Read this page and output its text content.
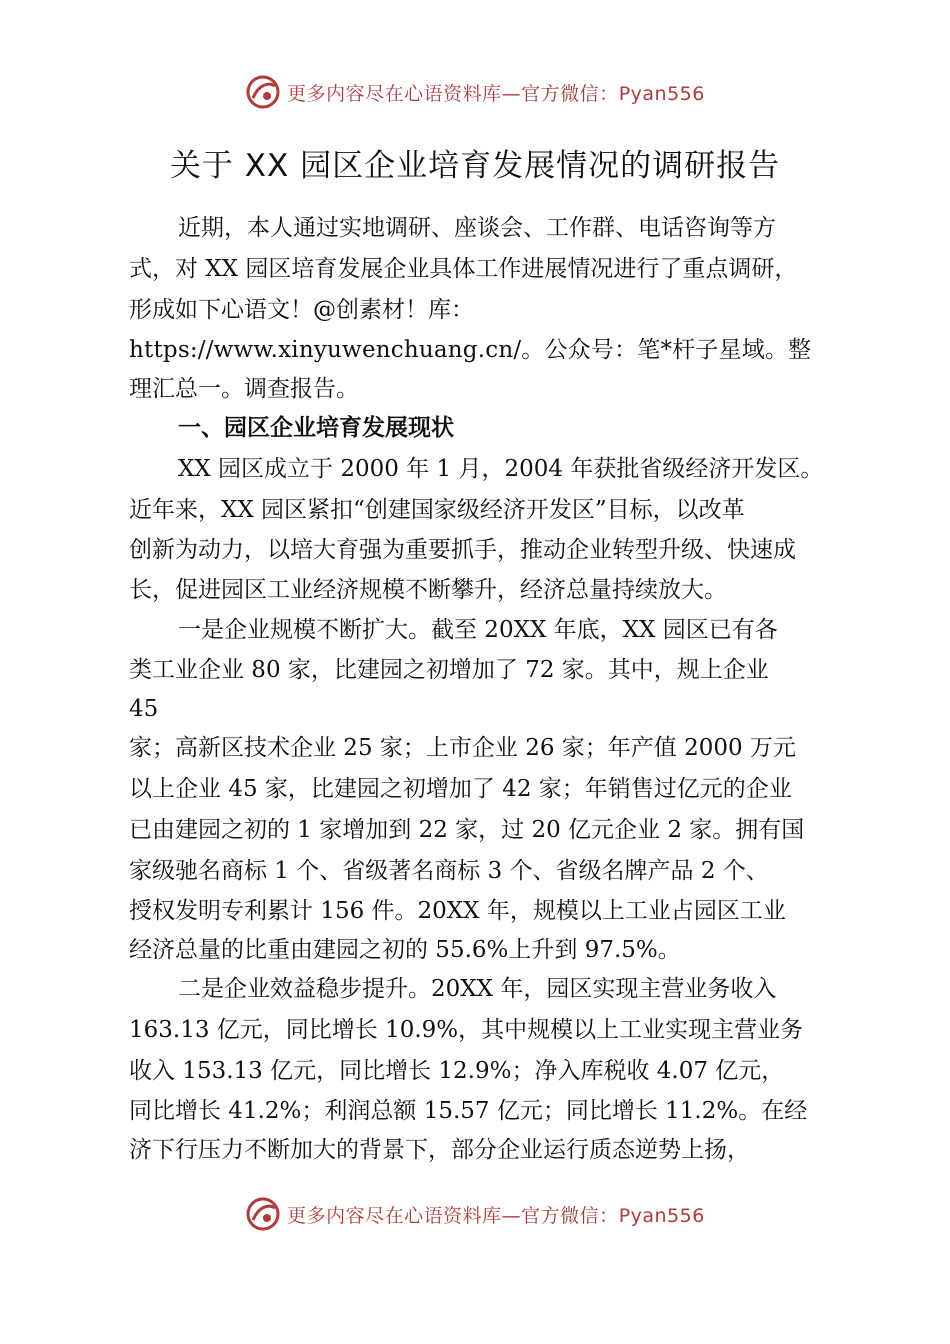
更多内容尽在心语资料库—官方微信：Pyan556
关于 XX 园区企业培育发展情况的调研报告
近期，本人通过实地调研、座谈会、工作群、电话咨询等方
式，对 XX 园区培育发展企业具体工作进展情况进行了重点调研，
形成如下心语文！@创素材！库：
https://www.xinyuwenchuang.cn/。公众号：笔*杆子星域。整
理汇总一。调查报告。
一、园区企业培育发展现状
XX 园区成立于 2000 年 1 月，2004 年获批省级经济开发区。
近年来，XX 园区紧扣“创建国家级经济开发区”目标，以改革
创新为动力，以培大育强为重要抓手，推动企业转型升级、快速成
长，促进园区工业经济规模不断攀升，经济总量持续放大。
一是企业规模不断扩大。截至 20XX 年底，XX 园区已有各
类工业企业 80 家，比建园之初增加了 72 家。其中，规上企业
45
家；高新区技术企业 25 家；上市企业 26 家；年产值 2000 万元
以上企业 45 家，比建园之初增加了 42 家；年销售过亿元的企业
已由建园之初的 1 家增加到 22 家，过 20 亿元企业 2 家。拥有国
家级驰名商标 1 个、省级著名商标 3 个、省级名牌产品 2 个、
授权发明专利累计 156 件。20XX 年，规模以上工业占园区工业
经济总量的比重由建园之初的 55.6%上升到 97.5%。
二是企业效益稳步提升。20XX 年，园区实现主营业务收入
163.13 亿元，同比增长 10.9%，其中规模以上工业实现主营业务
收入 153.13 亿元，同比增长 12.9%；净入库税收 4.07 亿元，
同比增长 41.2%；利润总额 15.57 亿元；同比增长 11.2%。在经
济下行压力不断加大的背景下，部分企业运行质态逆势上扬，
更多内容尽在心语资料库—官方微信：Pyan556
